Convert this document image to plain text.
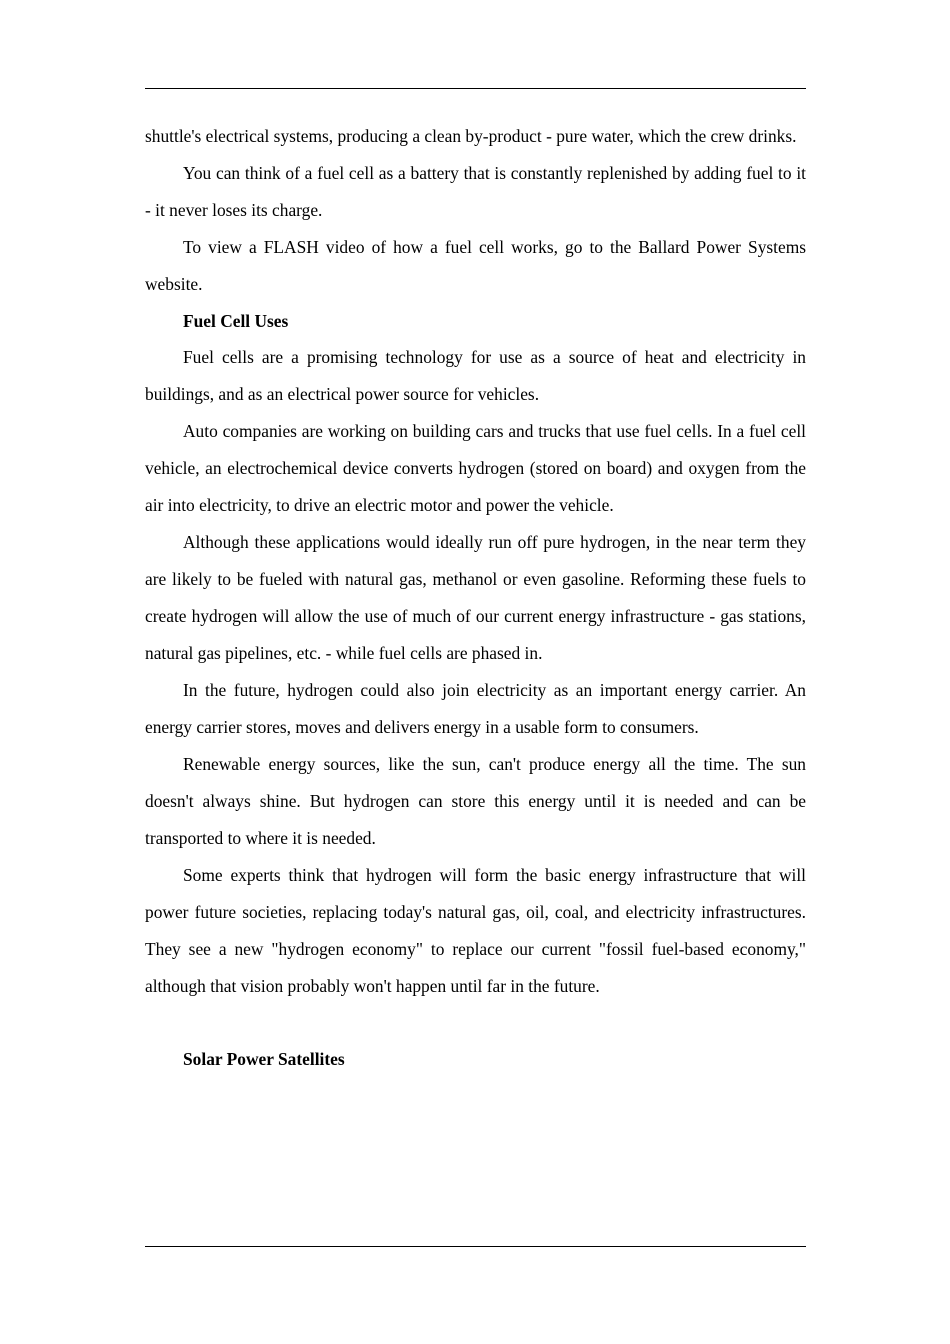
shuttle's electrical systems, producing a clean by-product - pure water, which the crew drinks.

You can think of a fuel cell as a battery that is constantly replenished by adding fuel to it - it never loses its charge.

To view a FLASH video of how a fuel cell works, go to the Ballard Power Systems website.

Fuel Cell Uses

Fuel cells are a promising technology for use as a source of heat and electricity in buildings, and as an electrical power source for vehicles.

Auto companies are working on building cars and trucks that use fuel cells. In a fuel cell vehicle, an electrochemical device converts hydrogen (stored on board) and oxygen from the air into electricity, to drive an electric motor and power the vehicle.

Although these applications would ideally run off pure hydrogen, in the near term they are likely to be fueled with natural gas, methanol or even gasoline. Reforming these fuels to create hydrogen will allow the use of much of our current energy infrastructure - gas stations, natural gas pipelines, etc. - while fuel cells are phased in.

In the future, hydrogen could also join electricity as an important energy carrier. An energy carrier stores, moves and delivers energy in a usable form to consumers.

Renewable energy sources, like the sun, can't produce energy all the time. The sun doesn't always shine. But hydrogen can store this energy until it is needed and can be transported to where it is needed.

Some experts think that hydrogen will form the basic energy infrastructure that will power future societies, replacing today's natural gas, oil, coal, and electricity infrastructures. They see a new "hydrogen economy" to replace our current "fossil fuel-based economy," although that vision probably won't happen until far in the future.

Solar Power Satellites
